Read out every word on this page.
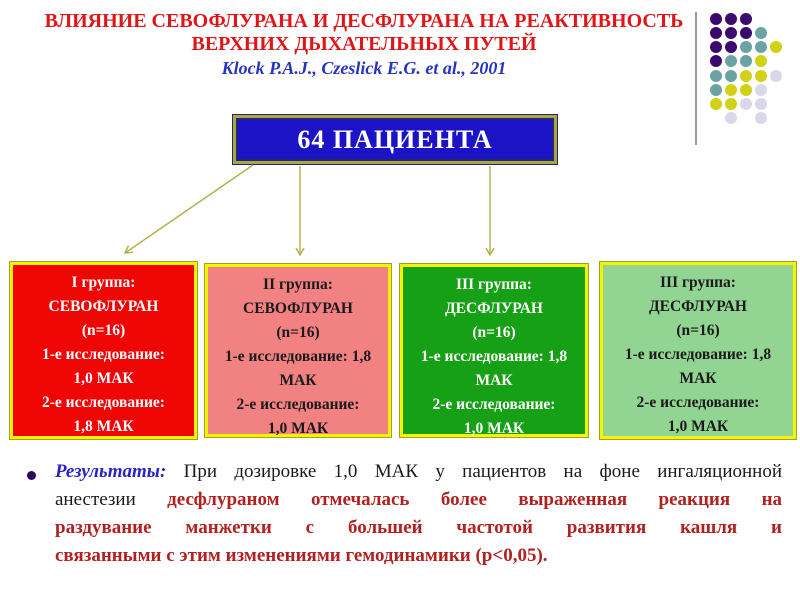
ВЛИЯНИЕ СЕВОФЛУРАНА И ДЕСФЛУРАНА НА РЕАКТИВНОСТЬ
ВЕРХНИХ ДЫХАТЕЛЬНЫХ ПУТЕЙ
Klock P.A.J., Czeslick E.G. et al., 2001
64 ПАЦИЕНТА
I группа:
СЕВОФЛУРАН
(n=16)
1-е исследование:
1,0 МАК
2-е исследование:
1,8 МАК
II группа:
СЕВОФЛУРАН
(n=16)
1-е исследование: 1,8
МАК
2-е исследование:
1,0 МАК
III группа:
ДЕСФЛУРАН
(n=16)
1-е исследование: 1,8
МАК
2-е исследование:
1,0 МАК
III группа:
ДЕСФЛУРАН
(n=16)
1-е исследование: 1,8
МАК
2-е исследование:
1,0 МАК
Результаты: При дозировке 1,0 МАК у пациентов на фоне ингаляционной
анестезии десфлураном отмечалась более выраженная реакция на
раздувание манжетки с большей частотой развития кашля и
связанными с этим изменениями гемодинамики (p<0,05).
